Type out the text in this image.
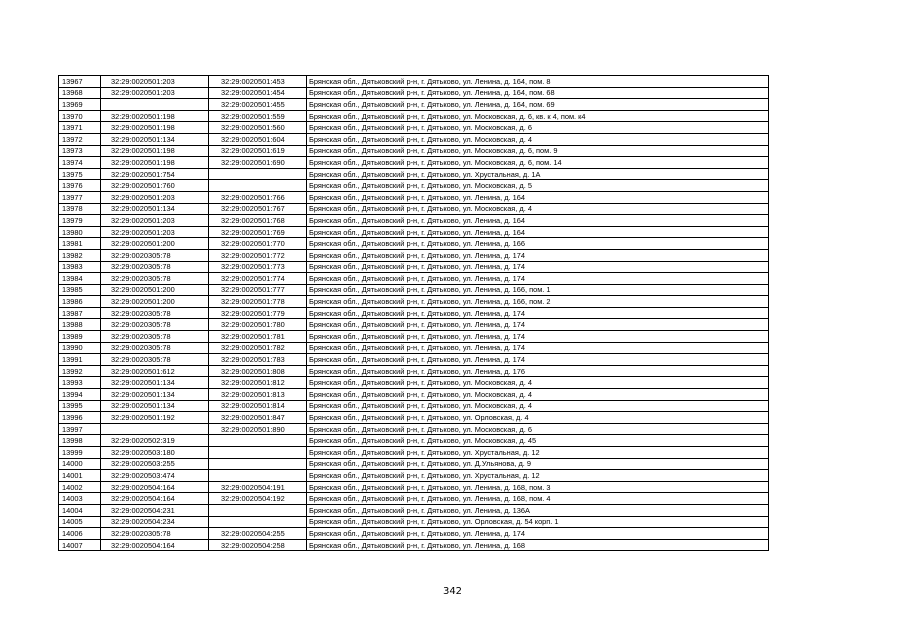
13967	32:29:0020501:203	32:29:0020501:453	Брянская обл., Дятьковский р-н, г. Дятьково, ул. Ленина, д. 164, пом. 8
13968	32:29:0020501:203	32:29:0020501:454	Брянская обл., Дятьковский р-н, г. Дятьково, ул. Ленина, д. 164, пом. 68
13969		32:29:0020501:455	Брянская обл., Дятьковский р-н, г. Дятьково, ул. Ленина, д. 164, пом. 69
13970	32:29:0020501:198	32:29:0020501:559	Брянская обл., Дятьковский р-н, г. Дятьково, ул. Московская, д. 6, кв. к 4, пом. к4
13971	32:29:0020501:198	32:29:0020501:560	Брянская обл., Дятьковский р-н, г. Дятьково, ул. Московская, д. 6
13972	32:29:0020501:134	32:29:0020501:604	Брянская обл., Дятьковский р-н, г. Дятьково, ул. Московская, д. 4
13973	32:29:0020501:198	32:29:0020501:619	Брянская обл., Дятьковский р-н, г. Дятьково, ул. Московская, д. 6, пом. 9
13974	32:29:0020501:198	32:29:0020501:690	Брянская обл., Дятьковский р-н, г. Дятьково, ул. Московская, д. 6, пом. 14
13975	32:29:0020501:754		Брянская обл., Дятьковский р-н, г. Дятьково, ул. Хрустальная, д. 1А
13976	32:29:0020501:760		Брянская обл., Дятьковский р-н, г. Дятьково, ул. Московская, д. 5
13977	32:29:0020501:203	32:29:0020501:766	Брянская обл., Дятьковский р-н, г. Дятьково, ул. Ленина, д. 164
13978	32:29:0020501:134	32:29:0020501:767	Брянская обл., Дятьковский р-н, г. Дятьково, ул. Московская, д. 4
13979	32:29:0020501:203	32:29:0020501:768	Брянская обл., Дятьковский р-н, г. Дятьково, ул. Ленина, д. 164
13980	32:29:0020501:203	32:29:0020501:769	Брянская обл., Дятьковский р-н, г. Дятьково, ул. Ленина, д. 164
13981	32:29:0020501:200	32:29:0020501:770	Брянская обл., Дятьковский р-н, г. Дятьково, ул. Ленина, д. 166
13982	32:29:0020305:78	32:29:0020501:772	Брянская обл., Дятьковский р-н, г. Дятьково, ул. Ленина, д. 174
13983	32:29:0020305:78	32:29:0020501:773	Брянская обл., Дятьковский р-н, г. Дятьково, ул. Ленина, д. 174
13984	32:29:0020305:78	32:29:0020501:774	Брянская обл., Дятьковский р-н, г. Дятьково, ул. Ленина, д. 174
13985	32:29:0020501:200	32:29:0020501:777	Брянская обл., Дятьковский р-н, г. Дятьково, ул. Ленина, д. 166, пом. 1
13986	32:29:0020501:200	32:29:0020501:778	Брянская обл., Дятьковский р-н, г. Дятьково, ул. Ленина, д. 166, пом. 2
13987	32:29:0020305:78	32:29:0020501:779	Брянская обл., Дятьковский р-н, г. Дятьково, ул. Ленина, д. 174
13988	32:29:0020305:78	32:29:0020501:780	Брянская обл., Дятьковский р-н, г. Дятьково, ул. Ленина, д. 174
13989	32:29:0020305:78	32:29:0020501:781	Брянская обл., Дятьковский р-н, г. Дятьково, ул. Ленина, д. 174
13990	32:29:0020305:78	32:29:0020501:782	Брянская обл., Дятьковский р-н, г. Дятьково, ул. Ленина, д. 174
13991	32:29:0020305:78	32:29:0020501:783	Брянская обл., Дятьковский р-н, г. Дятьково, ул. Ленина, д. 174
13992	32:29:0020501:612	32:29:0020501:808	Брянская обл., Дятьковский р-н, г. Дятьково, ул. Ленина, д. 176
13993	32:29:0020501:134	32:29:0020501:812	Брянская обл., Дятьковский р-н, г. Дятьково, ул. Московская, д. 4
13994	32:29:0020501:134	32:29:0020501:813	Брянская обл., Дятьковский р-н, г. Дятьково, ул. Московская, д. 4
13995	32:29:0020501:134	32:29:0020501:814	Брянская обл., Дятьковский р-н, г. Дятьково, ул. Московская, д. 4
13996	32:29:0020501:192	32:29:0020501:847	Брянская обл., Дятьковский р-н, г. Дятьково, ул. Орловская, д. 4
13997		32:29:0020501:890	Брянская обл., Дятьковский р-н, г. Дятьково, ул. Московская, д. 6
13998	32:29:0020502:319		Брянская обл., Дятьковский р-н, г. Дятьково, ул. Московская, д. 45
13999	32:29:0020503:180		Брянская обл., Дятьковский р-н, г. Дятьково, ул. Хрустальная, д. 12
14000	32:29:0020503:255		Брянская обл., Дятьковский р-н, г. Дятьково, ул. Д.Ульянова, д. 9
14001	32:29:0020503:474		Брянская обл., Дятьковский р-н, г. Дятьково, ул. Хрустальная, д. 12
14002	32:29:0020504:164	32:29:0020504:191	Брянская обл., Дятьковский р-н, г. Дятьково, ул. Ленина, д. 168, пом. 3
14003	32:29:0020504:164	32:29:0020504:192	Брянская обл., Дятьковский р-н, г. Дятьково, ул. Ленина, д. 168, пом. 4
14004	32:29:0020504:231		Брянская обл., Дятьковский р-н, г. Дятьково, ул. Ленина, д. 136А
14005	32:29:0020504:234		Брянская обл., Дятьковский р-н, г. Дятьково, ул. Орловская, д. 54 корп. 1
14006	32:29:0020305:78	32:29:0020504:255	Брянская обл., Дятьковский р-н, г. Дятьково, ул. Ленина, д. 174
14007	32:29:0020504:164	32:29:0020504:258	Брянская обл., Дятьковский р-н, г. Дятьково, ул. Ленина, д. 168
342
